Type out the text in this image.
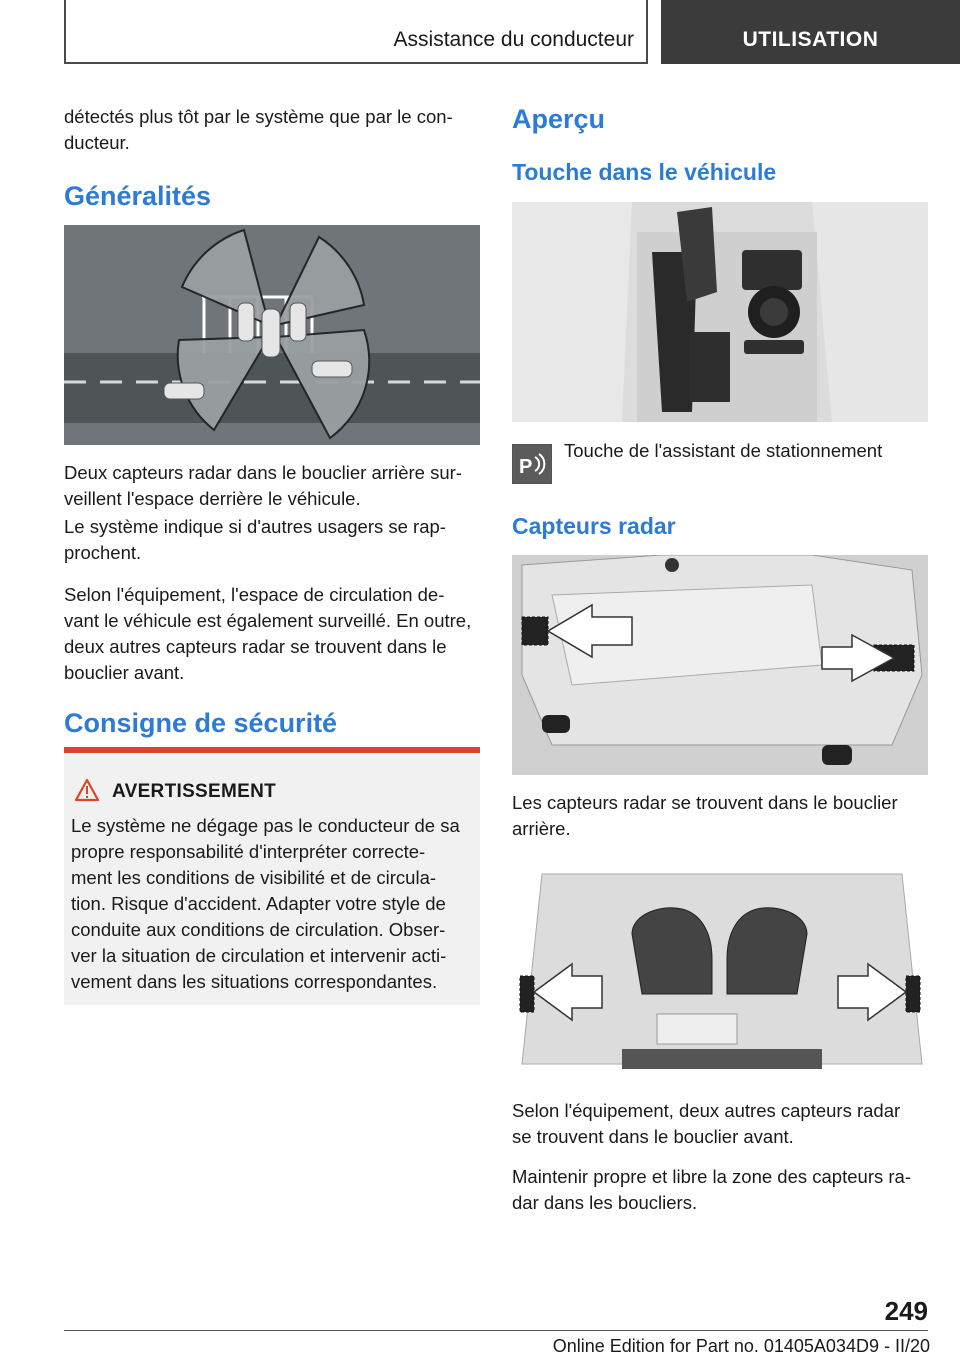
Assistance du conducteur	UTILISATION

détectés plus tôt par le système que par le con-
ducteur.

Généralités

Deux capteurs radar dans le bouclier arrière sur-
veillent l'espace derrière le véhicule.

Le système indique si d'autres usagers se rap-
prochent.

Selon l'équipement, l'espace de circulation de-
vant le véhicule est également surveillé. En outre,
deux autres capteurs radar se trouvent dans le
bouclier avant.

Consigne de sécurité
AVERTISSEMENT

Le système ne dégage pas le conducteur de sa
propre responsabilité d'interpréter correcte-
ment les conditions de visibilité et de circula-
tion. Risque d'accident. Adapter votre style de
conduite aux conditions de circulation. Obser-
ver la situation de circulation et intervenir acti-
vement dans les situations correspondantes.

Aperçu
Touche dans le véhicule
P
Touche de l'assistant de stationnement
Capteurs radar

Les capteurs radar se trouvent dans le bouclier
arrière.

Selon l'équipement, deux autres capteurs radar
se trouvent dans le bouclier avant.

Maintenir propre et libre la zone des capteurs ra-
dar dans les boucliers.

249
Online Edition for Part no. 01405A034D9 - II/20
